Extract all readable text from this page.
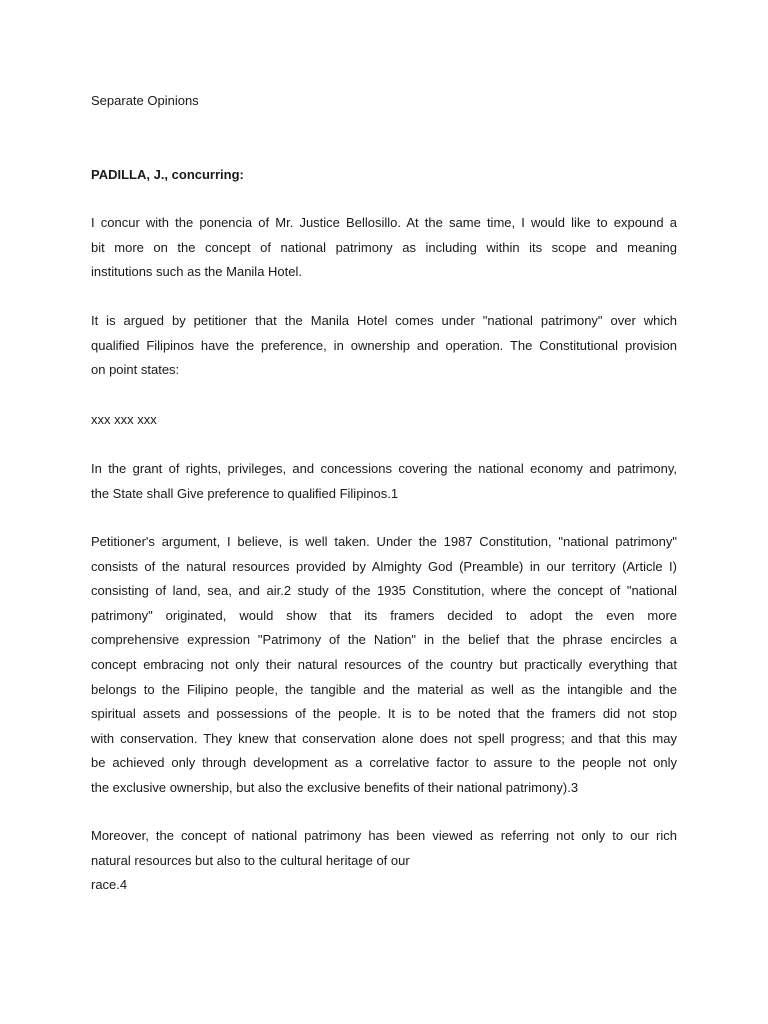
Separate Opinions
PADILLA, J., concurring:
I concur with the ponencia of Mr. Justice Bellosillo. At the same time, I would like to expound a
bit more on the concept of national patrimony as including within its scope and meaning
institutions such as the Manila Hotel.
It is argued by petitioner that the Manila Hotel comes under "national patrimony" over which
qualified Filipinos have the preference, in ownership and operation. The Constitutional provision
on point states:
xxx xxx xxx
In the grant of rights, privileges, and concessions covering the national economy and patrimony,
the State shall Give preference to qualified Filipinos.1
Petitioner's argument, I believe, is well taken. Under the 1987 Constitution, "national patrimony"
consists of the natural resources provided by Almighty God (Preamble) in our territory (Article I)
consisting of land, sea, and air.2 study of the 1935 Constitution, where the concept of "national
patrimony" originated, would show that its framers decided to adopt the even more
comprehensive expression "Patrimony of the Nation" in the belief that the phrase encircles a
concept embracing not only their natural resources of the country but practically everything that
belongs to the Filipino people, the tangible and the material as well as the intangible and the
spiritual assets and possessions of the people. It is to be noted that the framers did not stop
with conservation. They knew that conservation alone does not spell progress; and that this may
be achieved only through development as a correlative factor to assure to the people not only
the exclusive ownership, but also the exclusive benefits of their national patrimony).3
Moreover, the concept of national patrimony has been viewed as referring not only to our rich
natural resources but also to the cultural heritage of our
race.4
